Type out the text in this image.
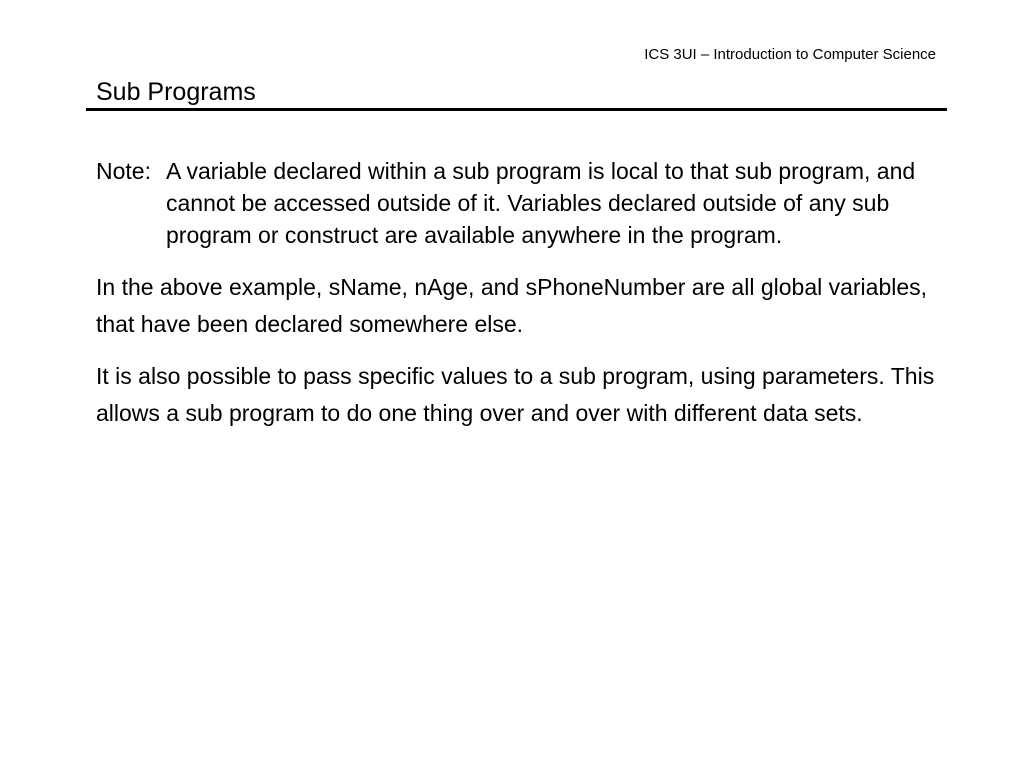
ICS 3UI – Introduction to Computer Science
Sub Programs

Note: A variable declared within a sub program is local to that sub program, and cannot be accessed outside of it. Variables declared outside of any sub program or construct are available anywhere in the program.

In the above example, sName, nAge, and sPhoneNumber are all global variables, that have been declared somewhere else.

It is also possible to pass specific values to a sub program, using parameters. This allows a sub program to do one thing over and over with different data sets.
